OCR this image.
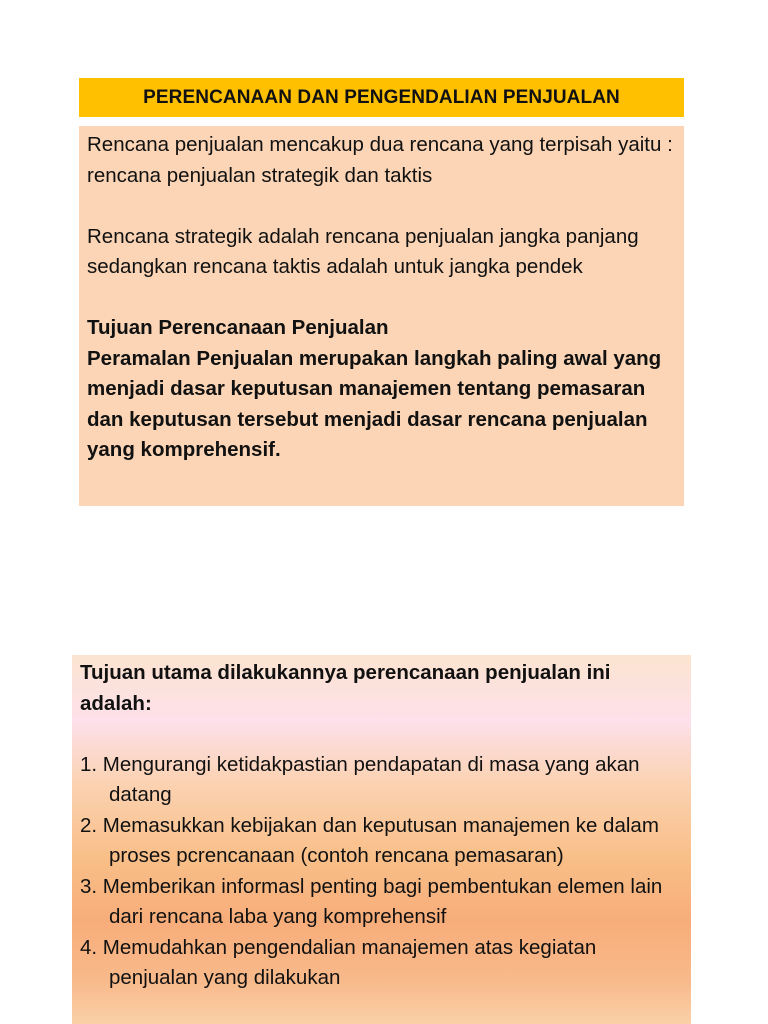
PERENCANAAN DAN PENGENDALIAN PENJUALAN

Rencana penjualan mencakup dua rencana yang terpisah yaitu : rencana penjualan strategik dan taktis

Rencana strategik adalah rencana penjualan jangka panjang sedangkan rencana taktis adalah untuk jangka pendek

Tujuan Perencanaan Penjualan

Peramalan Penjualan merupakan langkah paling awal yang menjadi dasar keputusan manajemen tentang pemasaran dan keputusan tersebut menjadi dasar rencana penjualan yang komprehensif.

Tujuan utama dilakukannya perencanaan penjualan ini adalah:

1. Mengurangi ketidakpastian pendapatan di masa yang akan datang
2. Memasukkan kebijakan dan keputusan manajemen ke dalam proses pcrencanaan (contoh rencana pemasaran)
3. Memberikan informasl penting bagi pembentukan elemen lain dari rencana laba yang komprehensif
4. Memudahkan pengendalian manajemen atas kegiatan penjualan yang dilakukan
